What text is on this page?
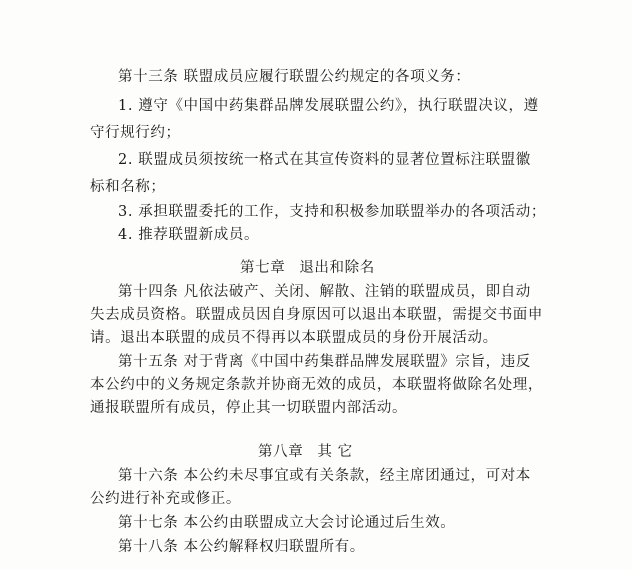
第十三条 联盟成员应履行联盟公约规定的各项义务：
1. 遵守《中国中药集群品牌发展联盟公约》，执行联盟决议，遵
守行规行约；
2. 联盟成员须按统一格式在其宣传资料的显著位置标注联盟徽
标和名称；
3. 承担联盟委托的工作，支持和积极参加联盟举办的各项活动；
4. 推荐联盟新成员。
第七章 退出和除名
第十四条 凡依法破产、关闭、解散、注销的联盟成员，即自动
失去成员资格。联盟成员因自身原因可以退出本联盟，需提交书面申
请。退出本联盟的成员不得再以本联盟成员的身份开展活动。
第十五条 对于背离《中国中药集群品牌发展联盟》宗旨，违反
本公约中的义务规定条款并协商无效的成员，本联盟将做除名处理，
通报联盟所有成员，停止其一切联盟内部活动。
第八章 其 它
第十六条 本公约未尽事宜或有关条款，经主席团通过，可对本
公约进行补充或修正。
第十七条 本公约由联盟成立大会讨论通过后生效。
第十八条 本公约解释权归联盟所有。
